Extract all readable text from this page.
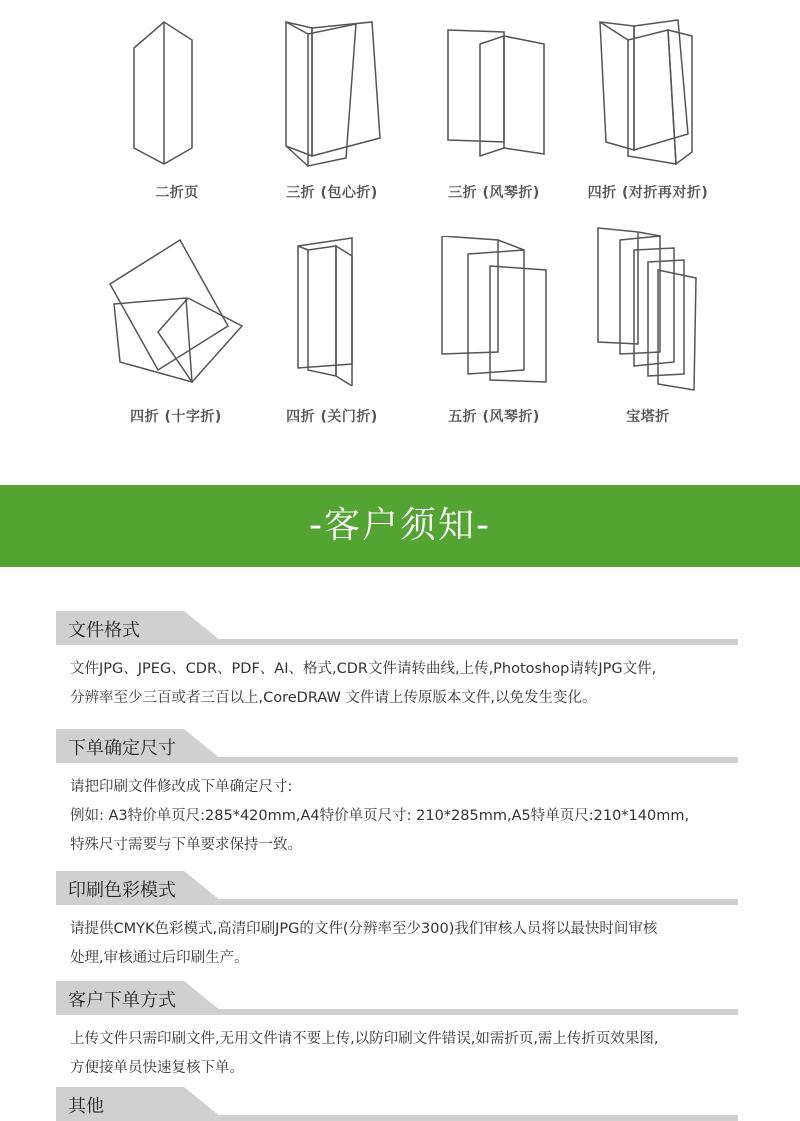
二折页	三折 (包心折)	三折 (风琴折)	四折 (对折再对折)
四折 (十字折)	四折 (关门折)	五折 (风琴折)	宝塔折
-客户须知-
文件格式
文件JPG、JPEG、CDR、PDF、AI、格式,CDR文件请转曲线,上传,Photoshop请转JPG文件,
分辨率至少三百或者三百以上,CoreDRAW 文件请上传原版本文件,以免发生变化。
下单确定尺寸
请把印刷文件修改成下单确定尺寸:
例如: A3特价单页尺:285*420mm,A4特价单页尺寸: 210*285mm,A5特单页尺:210*140mm,
特殊尺寸需要与下单要求保持一致。
印刷色彩模式
请提供CMYK色彩模式,高清印刷JPG的文件(分辨率至少300)我们审核人员将以最快时间审核
处理,审核通过后印刷生产。
客户下单方式
上传文件只需印刷文件,无用文件请不要上传,以防印刷文件错误,如需折页,需上传折页效果图,
方便接单员快速复核下单。
其他
